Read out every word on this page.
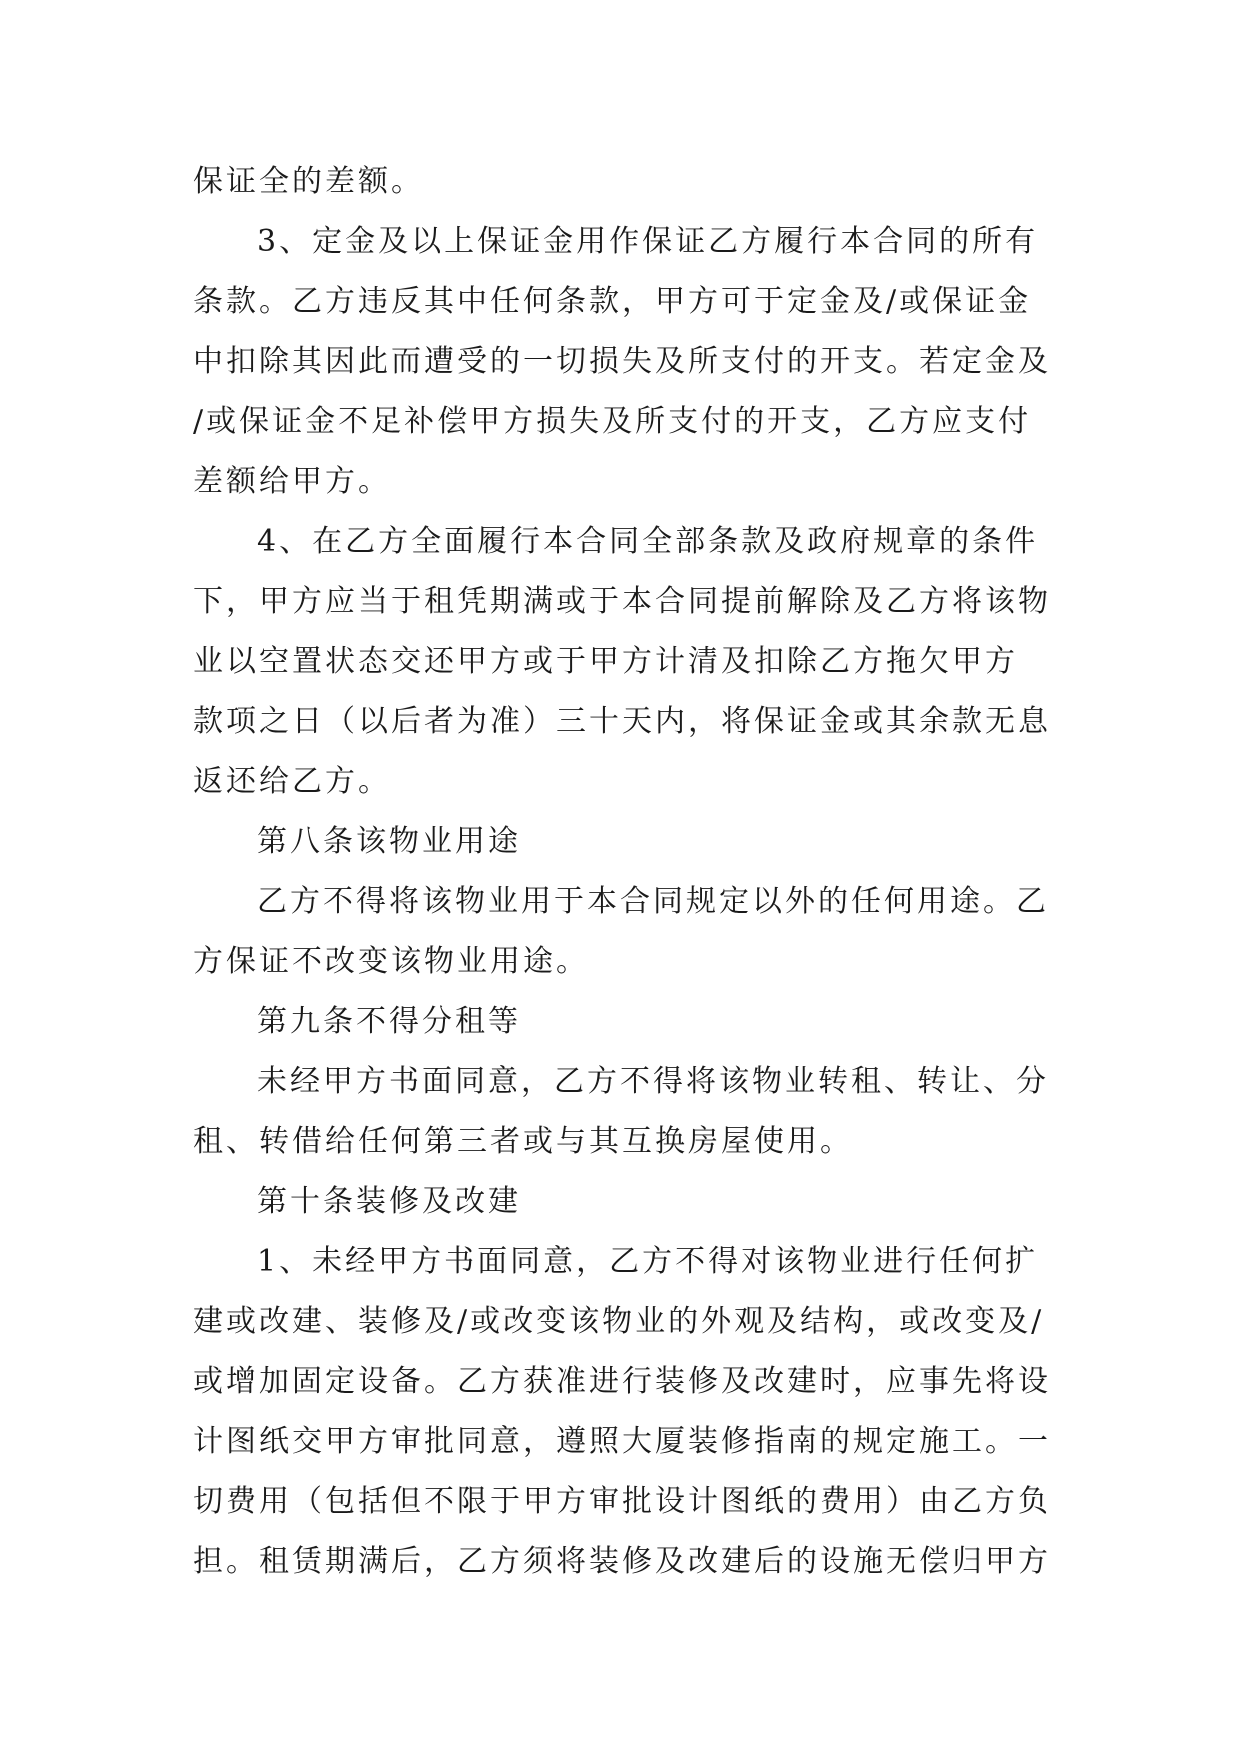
保证全的差额。

3、定金及以上保证金用作保证乙方履行本合同的所有
条款。乙方违反其中任何条款，甲方可于定金及/或保证金
中扣除其因此而遭受的一切损失及所支付的开支。若定金及
/或保证金不足补偿甲方损失及所支付的开支，乙方应支付
差额给甲方。

4、在乙方全面履行本合同全部条款及政府规章的条件
下，甲方应当于租凭期满或于本合同提前解除及乙方将该物
业以空置状态交还甲方或于甲方计清及扣除乙方拖欠甲方
款项之日（以后者为准）三十天内，将保证金或其余款无息
返还给乙方。

第八条该物业用途

乙方不得将该物业用于本合同规定以外的任何用途。乙
方保证不改变该物业用途。

第九条不得分租等

未经甲方书面同意，乙方不得将该物业转租、转让、分
租、转借给任何第三者或与其互换房屋使用。

第十条装修及改建

1、未经甲方书面同意，乙方不得对该物业进行任何扩
建或改建、装修及/或改变该物业的外观及结构，或改变及/
或增加固定设备。乙方获准进行装修及改建时，应事先将设
计图纸交甲方审批同意，遵照大厦装修指南的规定施工。一
切费用（包括但不限于甲方审批设计图纸的费用）由乙方负
担。租赁期满后，乙方须将装修及改建后的设施无偿归甲方
